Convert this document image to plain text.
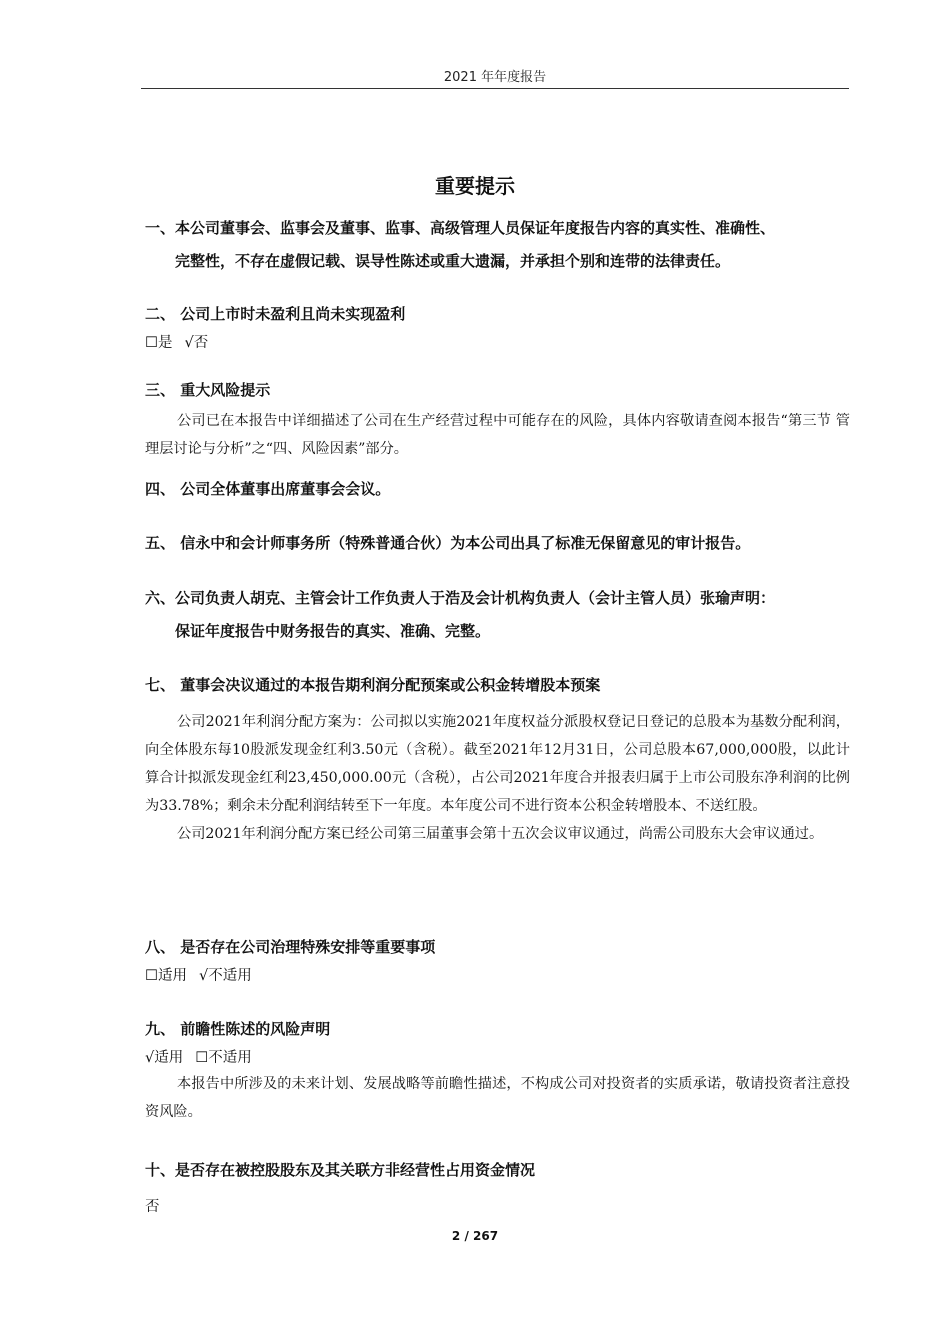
2021 年年度报告
重要提示

一、本公司董事会、监事会及董事、监事、高级管理人员保证年度报告内容的真实性、准确性、

完整性，不存在虚假记载、误导性陈述或重大遗漏，并承担个别和连带的法律责任。

二、 公司上市时未盈利且尚未实现盈利

☐是 √否

三、 重大风险提示

公司已在本报告中详细描述了公司在生产经营过程中可能存在的风险，具体内容敬请查阅本报告“第三节 管理层讨论与分析”之“四、风险因素”部分。

四、 公司全体董事出席董事会会议。

五、 信永中和会计师事务所（特殊普通合伙）为本公司出具了标准无保留意见的审计报告。

六、公司负责人胡克、主管会计工作负责人于浩及会计机构负责人（会计主管人员）张瑜声明：

保证年度报告中财务报告的真实、准确、完整。

七、 董事会决议通过的本报告期利润分配预案或公积金转增股本预案

公司2021年利润分配方案为：公司拟以实施2021年度权益分派股权登记日登记的总股本为基数分配利润，向全体股东每10股派发现金红利3.50元（含税）。截至2021年12月31日，公司总股本67,000,000股，以此计算合计拟派发现金红利23,450,000.00元（含税），占公司2021年度合并报表归属于上市公司股东净利润的比例为33.78%；剩余未分配利润结转至下一年度。本年度公司不进行资本公积金转增股本、不送红股。

公司2021年利润分配方案已经公司第三届董事会第十五次会议审议通过，尚需公司股东大会审议通过。

八、 是否存在公司治理特殊安排等重要事项

☐适用 √不适用

九、 前瞻性陈述的风险声明

√适用 ☐不适用

本报告中所涉及的未来计划、发展战略等前瞻性描述，不构成公司对投资者的实质承诺，敬请投资者注意投资风险。

十、是否存在被控股股东及其关联方非经营性占用资金情况

否

2 / 267
